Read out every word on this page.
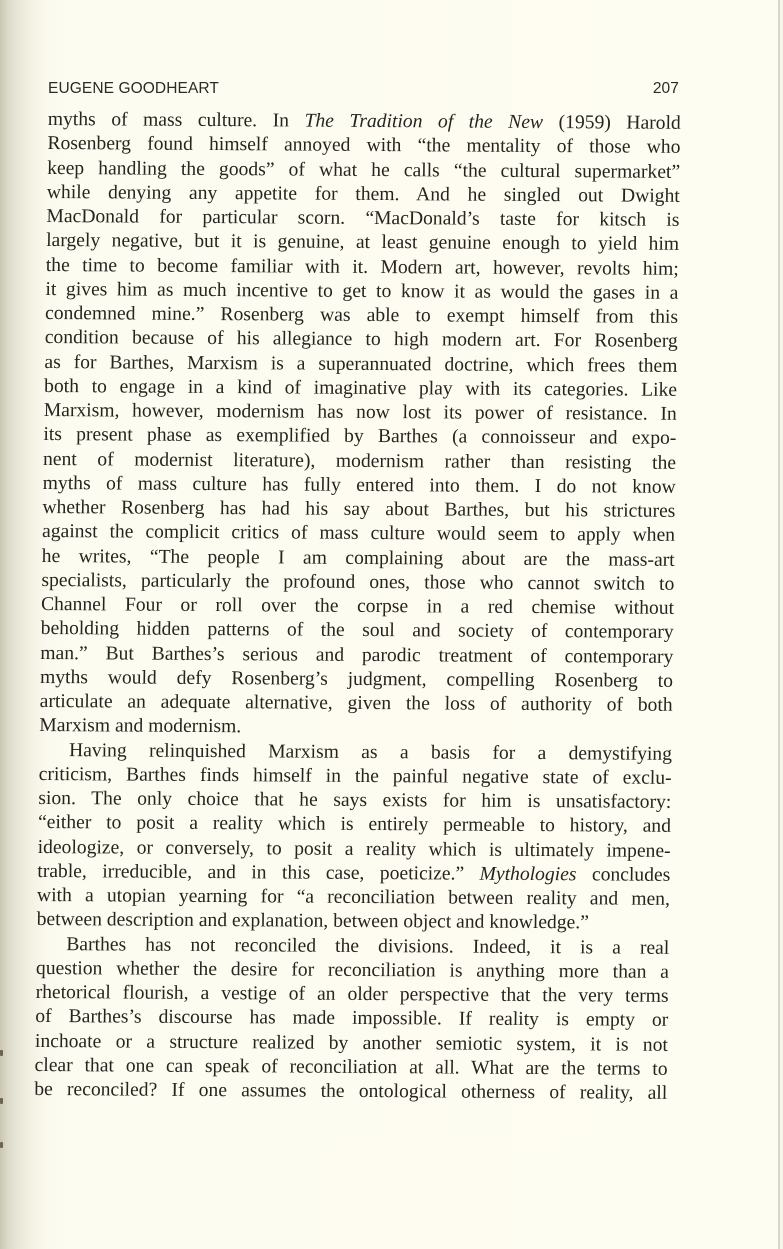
EUGENE GOODHEART	207
myths of mass culture. In The Tradition of the New (1959) Harold
Rosenberg found himself annoyed with “the mentality of those who
keep handling the goods” of what he calls “the cultural supermarket”
while denying any appetite for them. And he singled out Dwight
MacDonald for particular scorn. “MacDonald’s taste for kitsch is
largely negative, but it is genuine, at least genuine enough to yield him
the time to become familiar with it. Modern art, however, revolts him;
it gives him as much incentive to get to know it as would the gases in a
condemned mine.” Rosenberg was able to exempt himself from this
condition because of his allegiance to high modern art. For Rosenberg
as for Barthes, Marxism is a superannuated doctrine, which frees them
both to engage in a kind of imaginative play with its categories. Like
Marxism, however, modernism has now lost its power of resistance. In
its present phase as exemplified by Barthes (a connoisseur and expo-
nent of modernist literature), modernism rather than resisting the
myths of mass culture has fully entered into them. I do not know
whether Rosenberg has had his say about Barthes, but his strictures
against the complicit critics of mass culture would seem to apply when
he writes, “The people I am complaining about are the mass-art
specialists, particularly the profound ones, those who cannot switch to
Channel Four or roll over the corpse in a red chemise without
beholding hidden patterns of the soul and society of contemporary
man.” But Barthes’s serious and parodic treatment of contemporary
myths would defy Rosenberg’s judgment, compelling Rosenberg to
articulate an adequate alternative, given the loss of authority of both
Marxism and modernism.
Having relinquished Marxism as a basis for a demystifying
criticism, Barthes finds himself in the painful negative state of exclu-
sion. The only choice that he says exists for him is unsatisfactory:
“either to posit a reality which is entirely permeable to history, and
ideologize, or conversely, to posit a reality which is ultimately impene-
trable, irreducible, and in this case, poeticize.” Mythologies concludes
with a utopian yearning for “a reconciliation between reality and men,
between description and explanation, between object and knowledge.”
Barthes has not reconciled the divisions. Indeed, it is a real
question whether the desire for reconciliation is anything more than a
rhetorical flourish, a vestige of an older perspective that the very terms
of Barthes’s discourse has made impossible. If reality is empty or
inchoate or a structure realized by another semiotic system, it is not
clear that one can speak of reconciliation at all. What are the terms to
be reconciled? If one assumes the ontological otherness of reality, all
